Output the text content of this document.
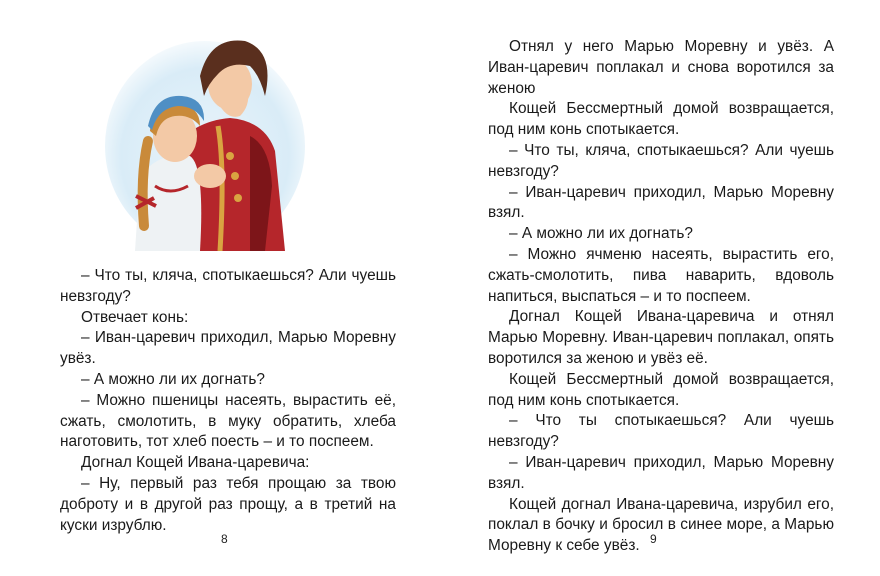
– Что ты, кляча, спотыкаешься? Али чуешь невзгоду?

Отвечает конь:

– Иван-царевич приходил, Марью Моревну увёз.

– А можно ли их догнать?

– Можно пшеницы насеять, вырастить её, сжать, смолотить, в муку обратить, хлеба наготовить, тот хлеб поесть – и то поспеем.

Догнал Кощей Ивана-царевича:

– Ну, первый раз тебя прощаю за твою доброту и в другой раз прощу, а в третий на куски изрублю.

8

Отнял у него Марью Моревну и увёз. А Иван-царевич поплакал и снова воротился за женою

Кощей Бессмертный домой возвращается, под ним конь спотыкается.

– Что ты, кляча, спотыкаешься? Али чуешь невзгоду?

– Иван-царевич приходил, Марью Моревну взял.

– А можно ли их догнать?

– Можно ячменю насеять, вырастить его, сжать-смолотить, пива наварить, вдоволь напиться, выспаться – и то поспеем.

Догнал Кощей Ивана-царевича и отнял Марью Моревну. Иван-царевич поплакал, опять воротился за женою и увёз её.

Кощей Бессмертный домой возвращается, под ним конь спотыкается.

– Что ты спотыкаешься? Али чуешь невзгоду?

– Иван-царевич приходил, Марью Моревну взял.

Кощей догнал Ивана-царевича, изрубил его, поклал в бочку и бросил в синее море, а Марью Моревну к себе увёз. 9
